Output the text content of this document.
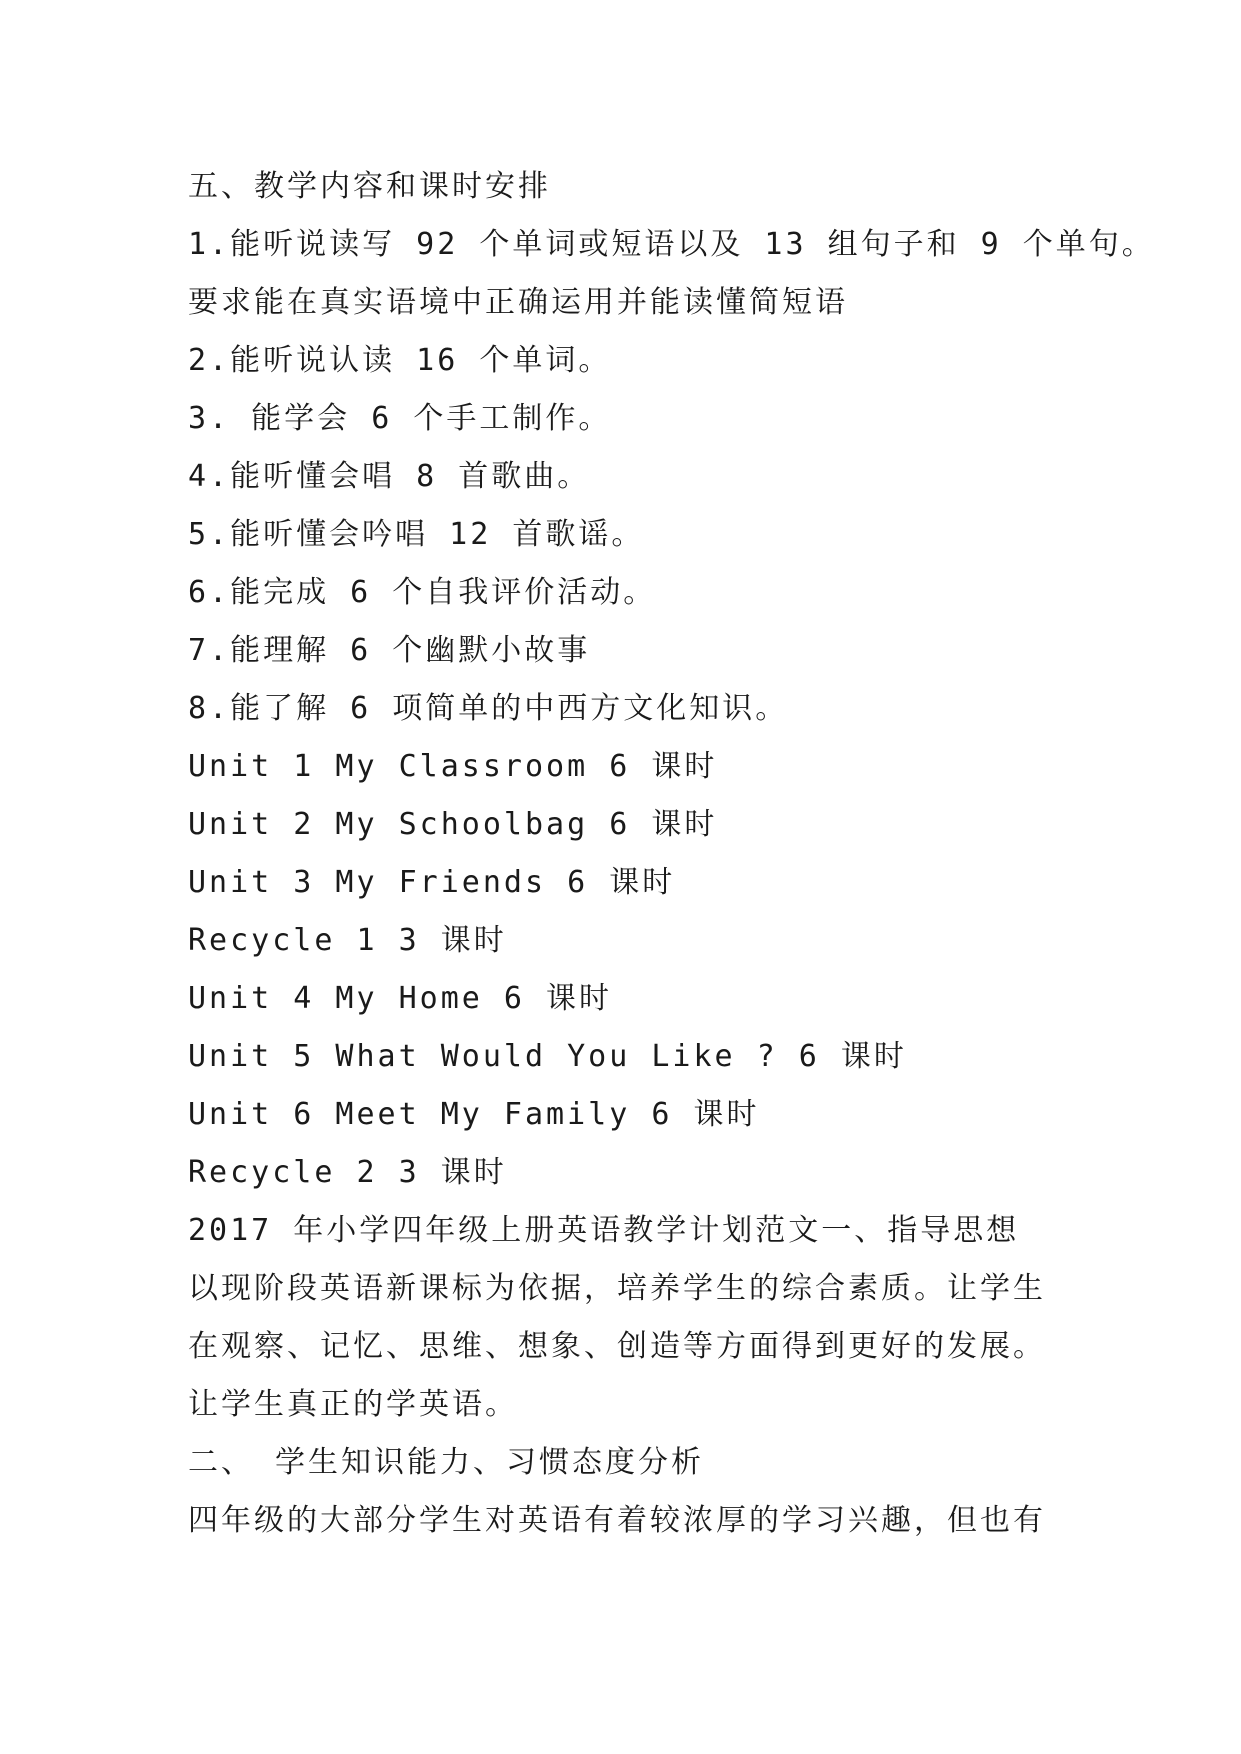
五、教学内容和课时安排
1.能听说读写 92 个单词或短语以及 13 组句子和 9 个单句。
要求能在真实语境中正确运用并能读懂简短语
2.能听说认读 16 个单词。
3. 能学会 6 个手工制作。
4.能听懂会唱 8 首歌曲。
5.能听懂会吟唱 12 首歌谣。
6.能完成 6 个自我评价活动。
7.能理解 6 个幽默小故事
8.能了解 6 项简单的中西方文化知识。
Unit 1 My Classroom 6 课时
Unit 2 My Schoolbag 6 课时
Unit 3 My Friends 6 课时
Recycle 1 3 课时
Unit 4 My Home 6 课时
Unit 5 What Would You Like ? 6 课时
Unit 6 Meet My Family 6 课时
Recycle 2 3 课时
2017 年小学四年级上册英语教学计划范文一、指导思想
以现阶段英语新课标为依据，培养学生的综合素质。让学生
在观察、记忆、思维、想象、创造等方面得到更好的发展。
让学生真正的学英语。
二、 学生知识能力、习惯态度分析
四年级的大部分学生对英语有着较浓厚的学习兴趣，但也有
